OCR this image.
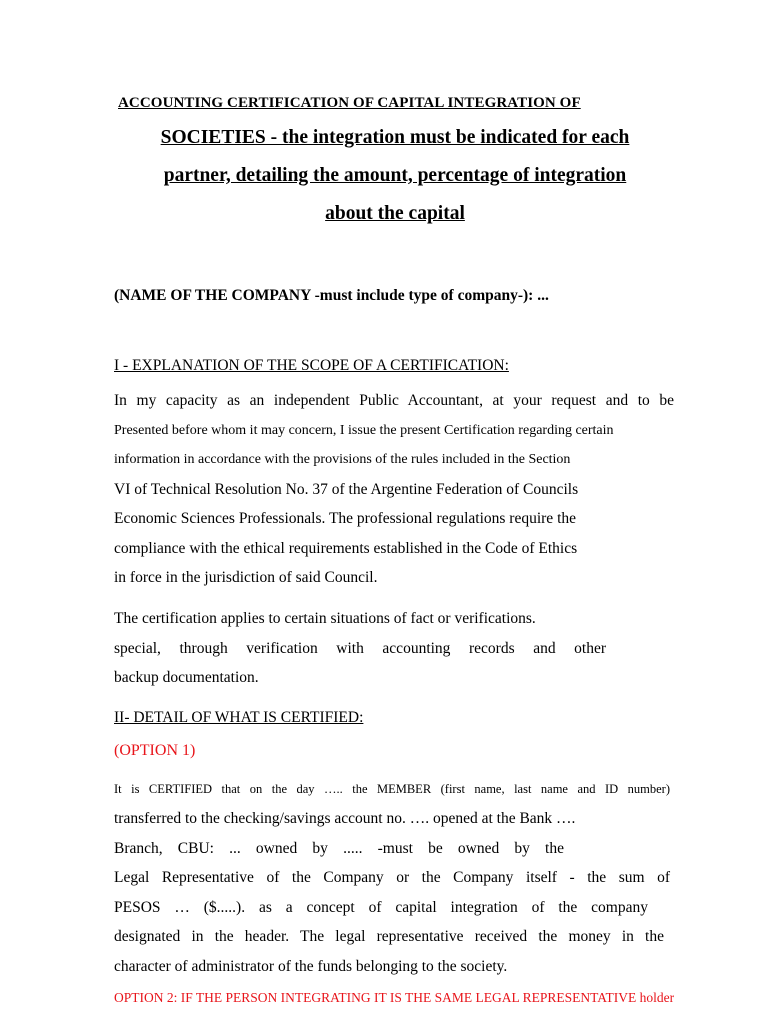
ACCOUNTING CERTIFICATION OF CAPITAL INTEGRATION OF
SOCIETIES - the integration must be indicated for each
partner, detailing the amount, percentage of integration
about the capital
(NAME OF THE COMPANY -must include type of company-): ...
I - EXPLANATION OF THE SCOPE OF A CERTIFICATION:
In my capacity as an independent Public Accountant, at your request and to be
Presented before whom it may concern, I issue the present Certification regarding certain
information in accordance with the provisions of the rules included in the Section
VI of Technical Resolution No. 37 of the Argentine Federation of Councils
Economic Sciences Professionals. The professional regulations require the
compliance with the ethical requirements established in the Code of Ethics
in force in the jurisdiction of said Council.
The certification applies to certain situations of fact or verifications.
special, through verification with accounting records and other
backup documentation.
II- DETAIL OF WHAT IS CERTIFIED:
(OPTION 1)
It is CERTIFIED that on the day ….. the MEMBER (first name, last name and ID number)
transferred to the checking/savings account no. …. opened at the Bank ….
Branch, CBU: ... owned by ..... -must be owned by the
Legal Representative of the Company or the Company itself - the sum of
PESOS … ($.....). as a concept of capital integration of the company
designated in the header. The legal representative received the money in the
character of administrator of the funds belonging to the society.
OPTION 2: IF THE PERSON INTEGRATING IT IS THE SAME LEGAL REPRESENTATIVE holder
